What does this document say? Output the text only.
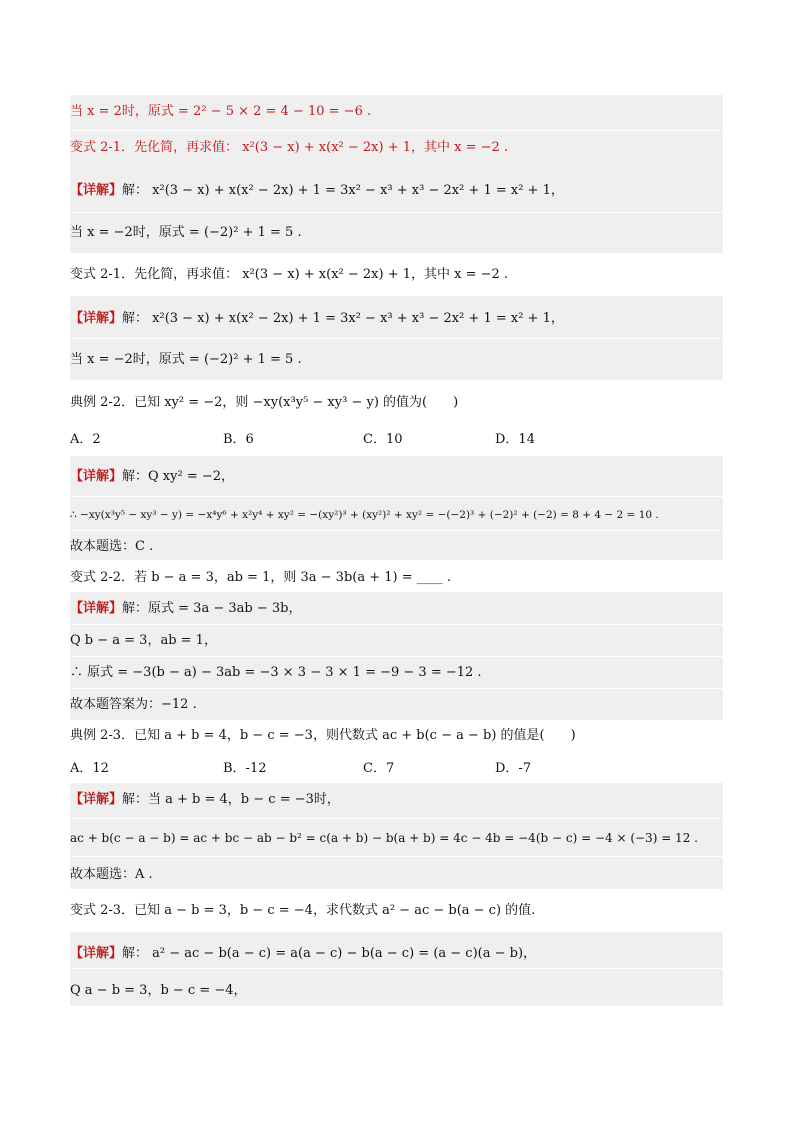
当 x = 2时，原式 = 2² − 5 × 2 = 4 − 10 = −6 .
变式 2-1．先化简，再求值： x²(3 − x) + x(x² − 2x) + 1，其中 x = −2 .
【详解】解： x²(3 − x) + x(x² − 2x) + 1 = 3x² − x³ + x³ − 2x² + 1 = x² + 1，
当 x = −2时，原式 = (−2)² + 1 = 5 .
变式 2-1．先化简，再求值： x²(3 − x) + x(x² − 2x) + 1，其中 x = −2 .
【详解】解： x²(3 − x) + x(x² − 2x) + 1 = 3x² − x³ + x³ − 2x² + 1 = x² + 1，
当 x = −2时，原式 = (−2)² + 1 = 5 .
典例 2-2．已知 xy² = −2，则 −xy(x³y⁵ − xy³ − y) 的值为(　　)
A．2	B．6	C．10	D．14
【详解】解：Q xy² = −2，
∴ −xy(x³y⁵ − xy³ − y) = −x⁴y⁶ + x²y⁴ + xy² = −(xy²)³ + (xy²)² + xy² = −(−2)³ + (−2)² + (−2) = 8 + 4 − 2 = 10 .
故本题选：C .
变式 2-2．若 b − a = 3，ab = 1，则 3a − 3b(a + 1) = ____ .
【详解】解：原式 = 3a − 3ab − 3b，
Q b − a = 3，ab = 1，
∴ 原式 = −3(b − a) − 3ab = −3 × 3 − 3 × 1 = −9 − 3 = −12 .
故本题答案为：−12 .
典例 2-3．已知 a + b = 4，b − c = −3，则代数式 ac + b(c − a − b) 的值是(　　)
A．12	B．-12	C．7	D．-7
【详解】解：当 a + b = 4，b − c = −3时，
ac + b(c − a − b) = ac + bc − ab − b² = c(a + b) − b(a + b) = 4c − 4b = −4(b − c) = −4 × (−3) = 12 .
故本题选：A .
变式 2-3．已知 a − b = 3，b − c = −4，求代数式 a² − ac − b(a − c) 的值.
【详解】解： a² − ac − b(a − c) = a(a − c) − b(a − c) = (a − c)(a − b)，
Q a − b = 3，b − c = −4，
